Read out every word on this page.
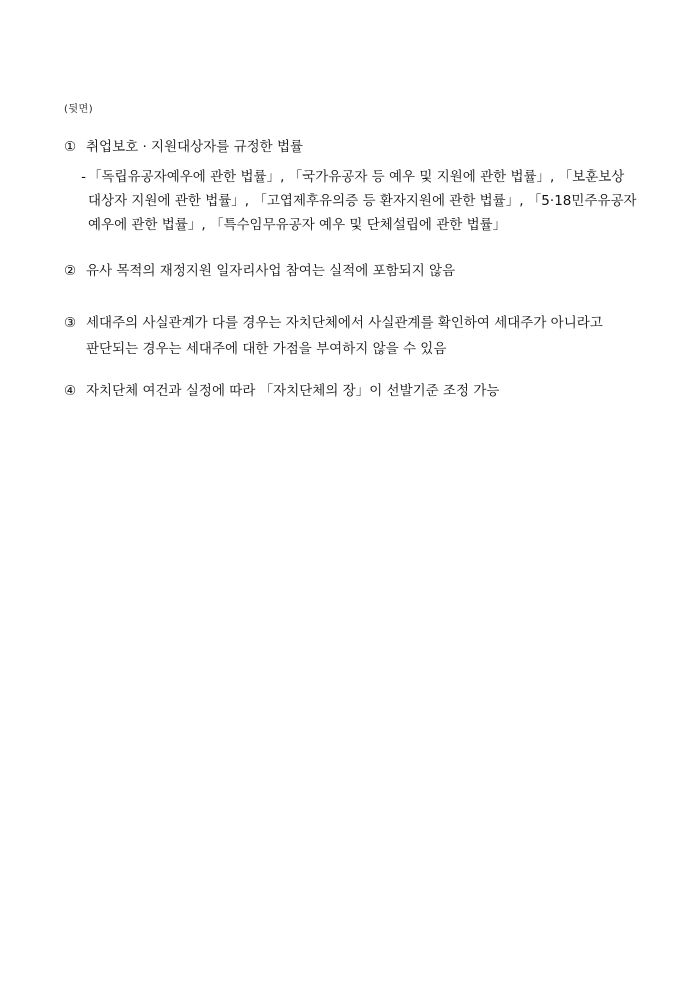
(뒷면)
① 취업보호 · 지원대상자를 규정한 법률
- 「독립유공자예우에 관한 법률」, 「국가유공자 등 예우 및 지원에 관한 법률」, 「보훈보상
대상자 지원에 관한 법률」, 「고엽제후유의증 등 환자지원에 관한 법률」, 「5·18민주유공자
예우에 관한 법률」, 「특수임무유공자 예우 및 단체설립에 관한 법률」
② 유사 목적의 재정지원 일자리사업 참여는 실적에 포함되지 않음
③ 세대주의 사실관계가 다를 경우는 자치단체에서 사실관계를 확인하여 세대주가 아니라고
판단되는 경우는 세대주에 대한 가점을 부여하지 않을 수 있음
④ 자치단체 여건과 실정에 따라 「자치단체의 장」이 선발기준 조정 가능
